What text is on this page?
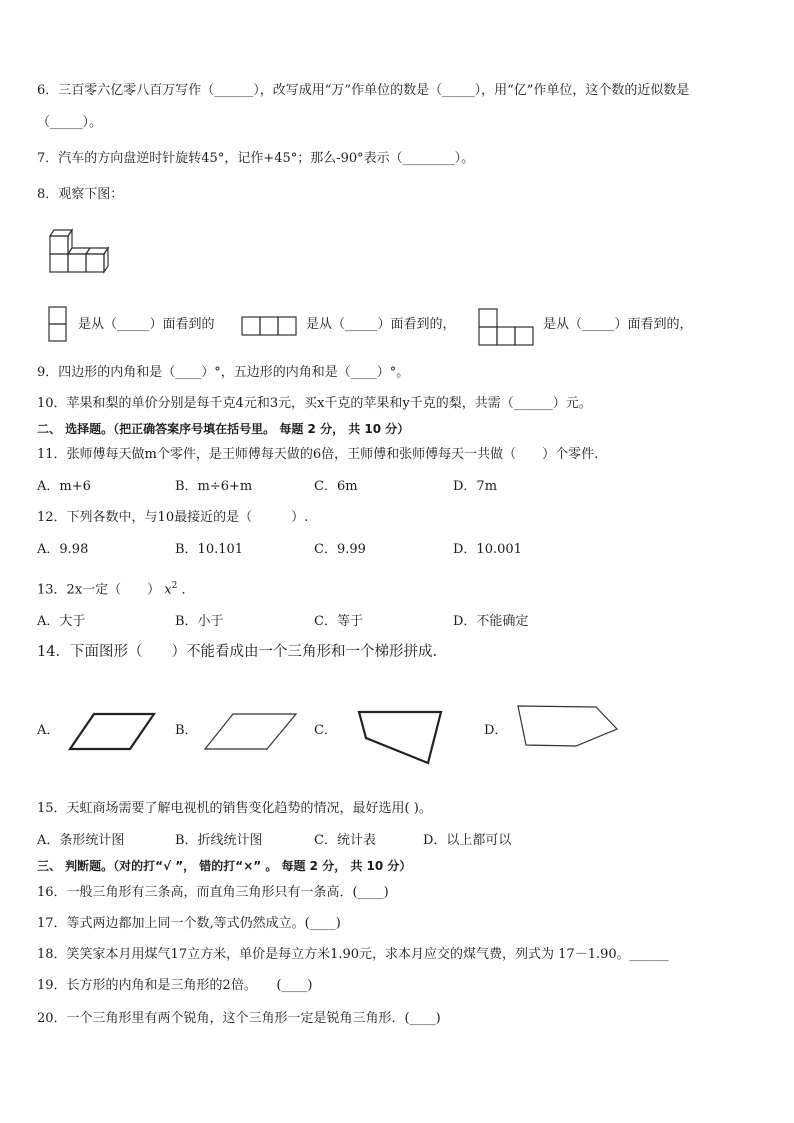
6．三百零六亿零八百万写作（______），改写成用“万”作单位的数是（_____），用“亿”作单位，这个数的近似数是
（_____）。
7．汽车的方向盘逆时针旋转45°，记作+45°；那么-90°表示（________）。
8．观察下图：
是从（_____）面看到的	是从（_____）面看到的，	是从（_____）面看到的，
9．四边形的内角和是（____）°，五边形的内角和是（____）°。
10．苹果和梨的单价分别是每千克4元和3元，买x千克的苹果和y千克的梨，共需（______）元。
二、 选择题。（把正确答案序号填在括号里。 每题 2 分， 共 10 分）
11．张师傅每天做m个零件，是王师傅每天做的6倍，王师傅和张师傅每天一共做（　　）个零件.
A．m+6	B．m÷6+m	C．6m	D．7m
12．下列各数中，与10最接近的是（　　　）.
A．9.98	B．10.101	C．9.99	D．10.001
13．2x一定（　　） $x^2$ ．
A．大于	B．小于	C．等于	D．不能确定
14．下面图形（　　）不能看成由一个三角形和一个梯形拼成.
A．	B．	C．	D．
15．天虹商场需要了解电视机的销售变化趋势的情况，最好选用( )。
A．条形统计图	B．折线统计图	C．统计表	D．以上都可以
三、 判断题。（对的打“√ ”， 错的打“×” 。 每题 2 分， 共 10 分）
16．一般三角形有三条高，而直角三角形只有一条高．(____)
17．等式两边都加上同一个数,等式仍然成立。(____)
18．笑笑家本月用煤气17立方米，单价是每立方米1.90元，求本月应交的煤气费，列式为 17－1.90。______
19．长方形的内角和是三角形的2倍。　　(____)
20．一个三角形里有两个锐角，这个三角形一定是锐角三角形．(____)
